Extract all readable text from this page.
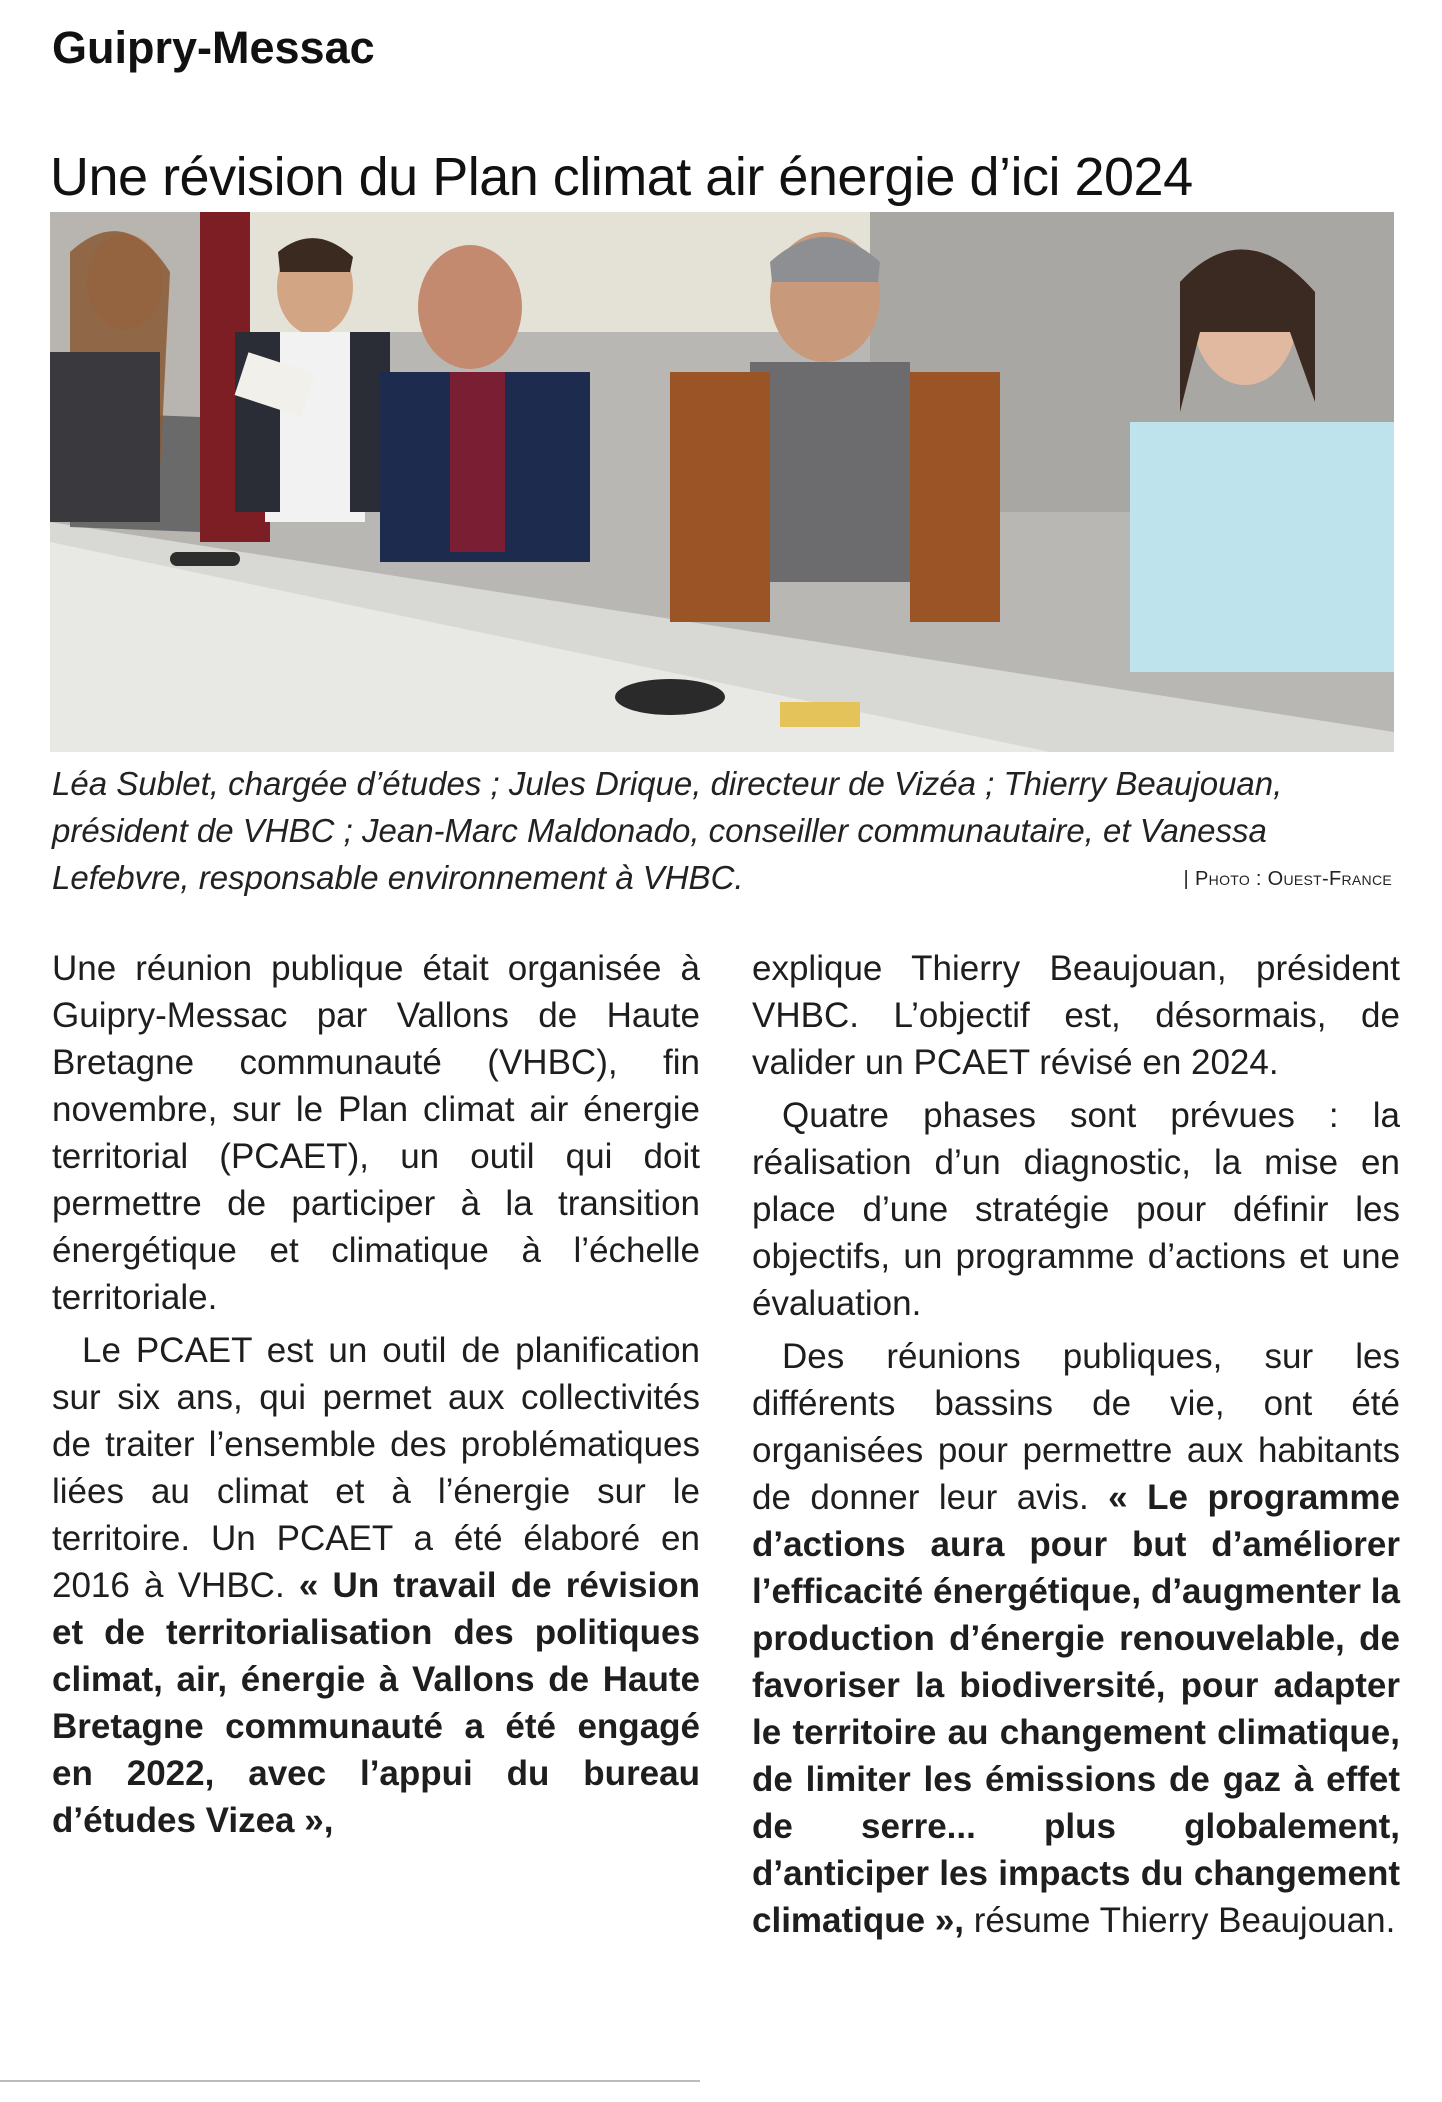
Guipry-Messac
Une révision du Plan climat air énergie d’ici 2024
Léa Sublet, chargée d’études ; Jules Drique, directeur de Vizéa ; Thierry Beaujouan, président de VHBC ; Jean-Marc Maldonado, conseiller communautaire, et Vanessa Lefebvre, responsable environnement à VHBC.	| Photo : Ouest-France

Une réunion publique était organisée à Guipry-Messac par Vallons de Haute Bretagne communauté (VHBC), fin novembre, sur le Plan climat air énergie territorial (PCAET), un outil qui doit permettre de participer à la transition énergétique et climatique à l’échelle territoriale.

Le PCAET est un outil de planification sur six ans, qui permet aux collectivités de traiter l’ensemble des problématiques liées au climat et à l’énergie sur le territoire. Un PCAET a été élaboré en 2016 à VHBC. « Un travail de révision et de territorialisation des politiques climat, air, énergie à Vallons de Haute Bretagne communauté a été engagé en 2022, avec l’appui du bureau d’études Vizea »,

explique Thierry Beaujouan, président VHBC. L’objectif est, désormais, de valider un PCAET révisé en 2024.

Quatre phases sont prévues : la réalisation d’un diagnostic, la mise en place d’une stratégie pour définir les objectifs, un programme d’actions et une évaluation.

Des réunions publiques, sur les différents bassins de vie, ont été organisées pour permettre aux habitants de donner leur avis. « Le programme d’actions aura pour but d’améliorer l’efficacité énergétique, d’augmenter la production d’énergie renouvelable, de favoriser la biodiversité, pour adapter le territoire au changement climatique, de limiter les émissions de gaz à effet de serre... plus globalement, d’anticiper les impacts du changement climatique », résume Thierry Beaujouan.
